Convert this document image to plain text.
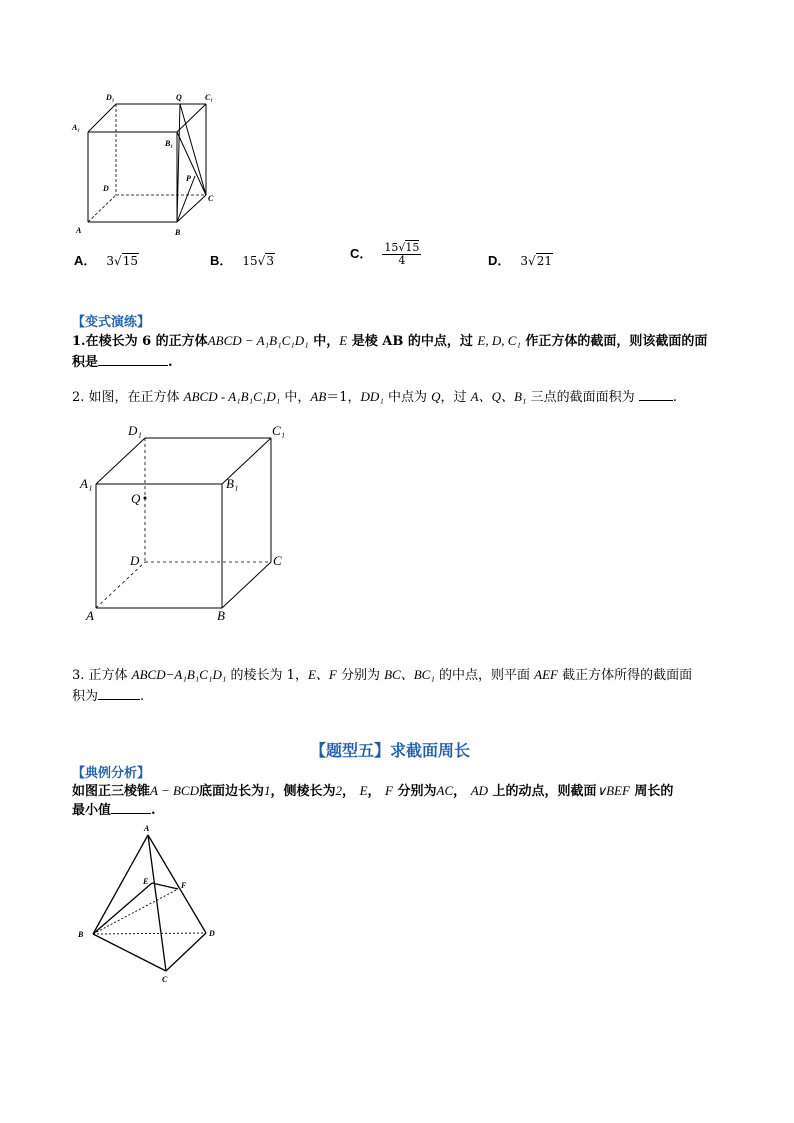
D₁	Q	C₁
A₁
B₁
P
D
C
A	B
A． 3√15	B． 15√3	C． $\frac{15√15}{4}$	D． 3√21
【变式演练】
1.在棱长为 6 的正方体ABCD − A₁B₁C₁D₁ 中，E 是棱 AB 的中点，过 E, D, C₁ 作正方体的截面，则该截面的面
积是	.
2. 如图，在正方体 ABCD - A₁B₁C₁D₁ 中，AB＝1，DD₁ 中点为 Q，过 A、Q、B₁ 三点的截面面积为	.
D₁	C₁
A₁	B₁
Q
D	C
A	B
3. 正方体 ABCD−A₁B₁C₁D₁ 的棱长为 1，E、F 分别为 BC、BC₁ 的中点，则平面 AEF 截正方体所得的截面面
积为	.
【题型五】求截面周长
【典例分析】
如图正三棱锥A − BCD底面边长为1，侧棱长为2， E， F 分别为AC， AD 上的动点，则截面∨BEF 周长的
最小值	.
A
E	F
B	D
C
